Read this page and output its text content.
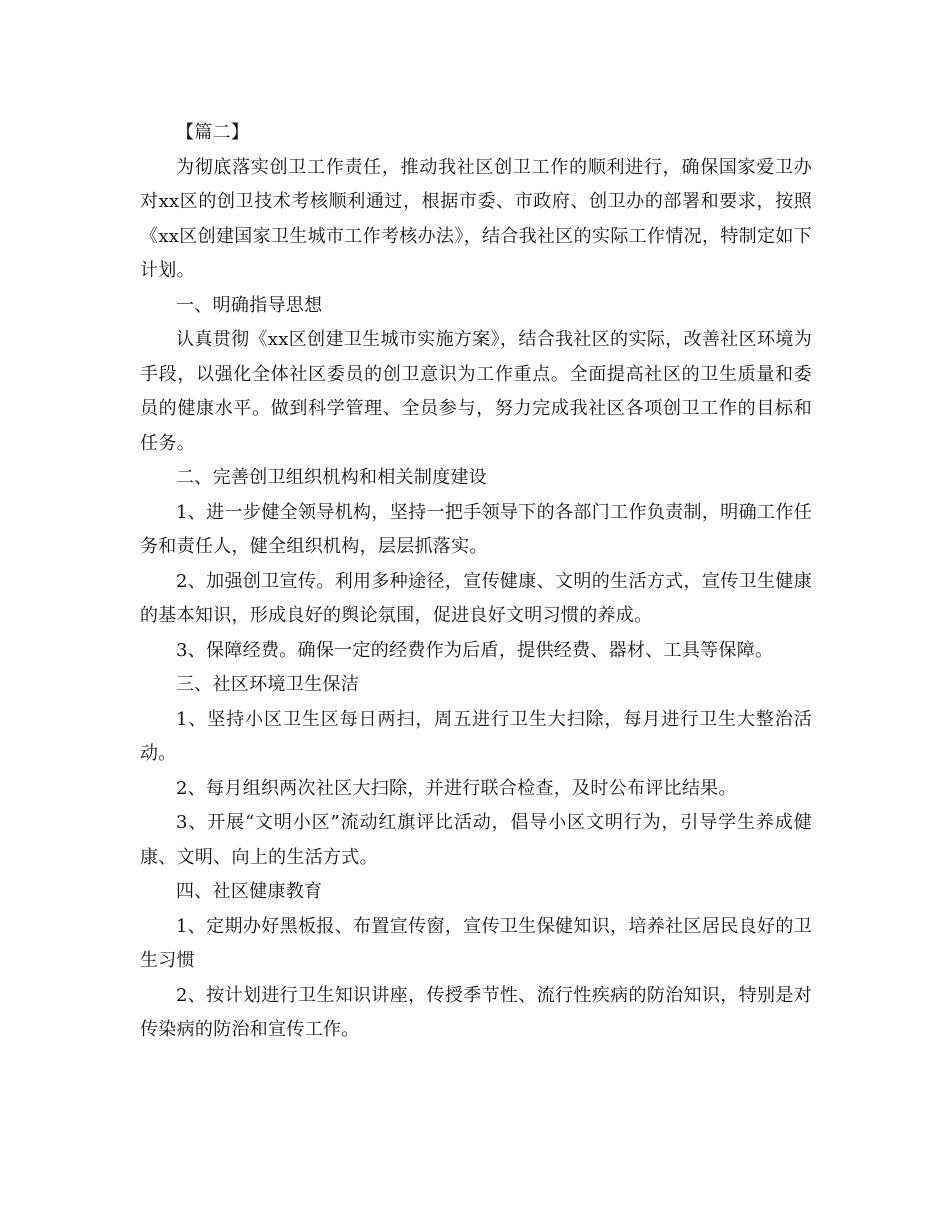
【篇二】

为彻底落实创卫工作责任，推动我社区创卫工作的顺利进行，确保国家爱卫办对xx区的创卫技术考核顺利通过，根据市委、市政府、创卫办的部署和要求，按照《xx区创建国家卫生城市工作考核办法》，结合我社区的实际工作情况，特制定如下计划。

一、明确指导思想

认真贯彻《xx区创建卫生城市实施方案》，结合我社区的实际，改善社区环境为手段，以强化全体社区委员的创卫意识为工作重点。全面提高社区的卫生质量和委员的健康水平。做到科学管理、全员参与，努力完成我社区各项创卫工作的目标和任务。

二、完善创卫组织机构和相关制度建设

1、进一步健全领导机构，坚持一把手领导下的各部门工作负责制，明确工作任务和责任人，健全组织机构，层层抓落实。

2、加强创卫宣传。利用多种途径，宣传健康、文明的生活方式，宣传卫生健康的基本知识，形成良好的舆论氛围，促进良好文明习惯的养成。

3、保障经费。确保一定的经费作为后盾，提供经费、器材、工具等保障。

三、社区环境卫生保洁

1、坚持小区卫生区每日两扫，周五进行卫生大扫除，每月进行卫生大整治活动。

2、每月组织两次社区大扫除，并进行联合检查，及时公布评比结果。

3、开展“文明小区”流动红旗评比活动，倡导小区文明行为，引导学生养成健康、文明、向上的生活方式。

四、社区健康教育

1、定期办好黑板报、布置宣传窗，宣传卫生保健知识，培养社区居民良好的卫生习惯

2、按计划进行卫生知识讲座，传授季节性、流行性疾病的防治知识，特别是对传染病的防治和宣传工作。
